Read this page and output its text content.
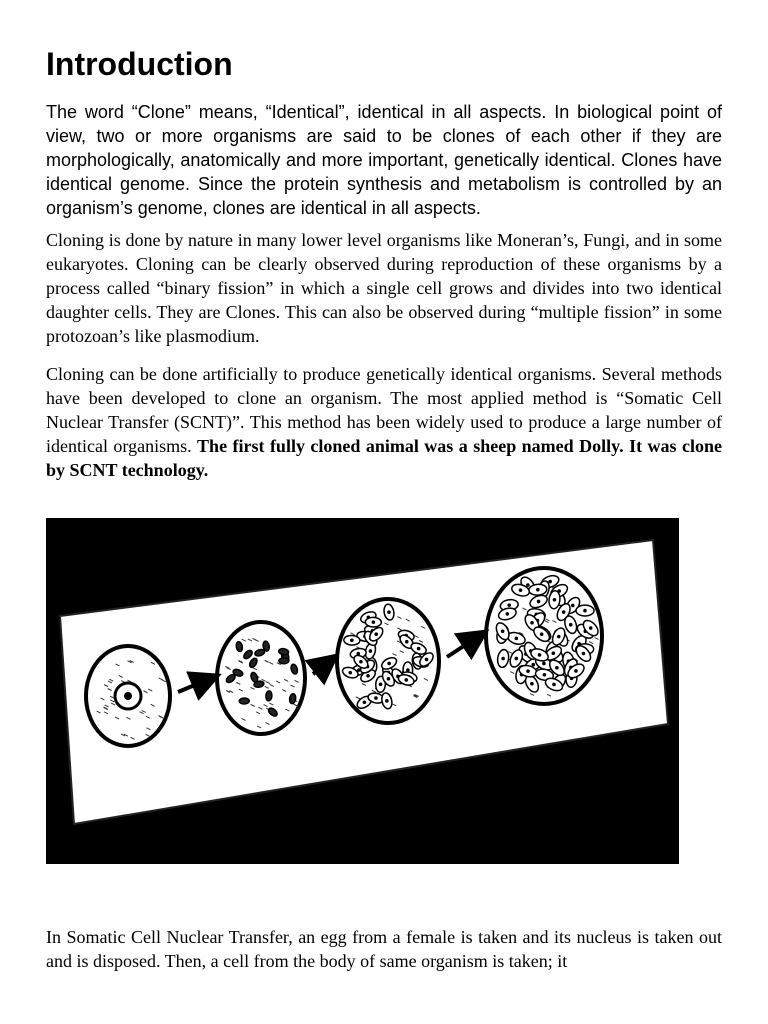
Introduction

The word “Clone” means, “Identical”, identical in all aspects. In biological point of view, two or more organisms are said to be clones of each other if they are morphologically, anatomically and more important, genetically identical. Clones have identical genome. Since the protein synthesis and metabolism is controlled by an organism’s genome, clones are identical in all aspects.

Cloning is done by nature in many lower level organisms like Moneran’s, Fungi, and in some eukaryotes. Cloning can be clearly observed during reproduction of these organisms by a process called “binary fission” in which a single cell grows and divides into two identical daughter cells. They are Clones. This can also be observed during “multiple fission” in some protozoan’s like plasmodium.

Cloning can be done artificially to produce genetically identical organisms. Several methods have been developed to clone an organism. The most applied method is “Somatic Cell Nuclear Transfer (SCNT)”. This method has been widely used to produce a large number of identical organisms. The first fully cloned animal was a sheep named Dolly. It was clone by SCNT technology.

In Somatic Cell Nuclear Transfer, an egg from a female is taken and its nucleus is taken out and is disposed. Then, a cell from the body of same organism is taken; it
